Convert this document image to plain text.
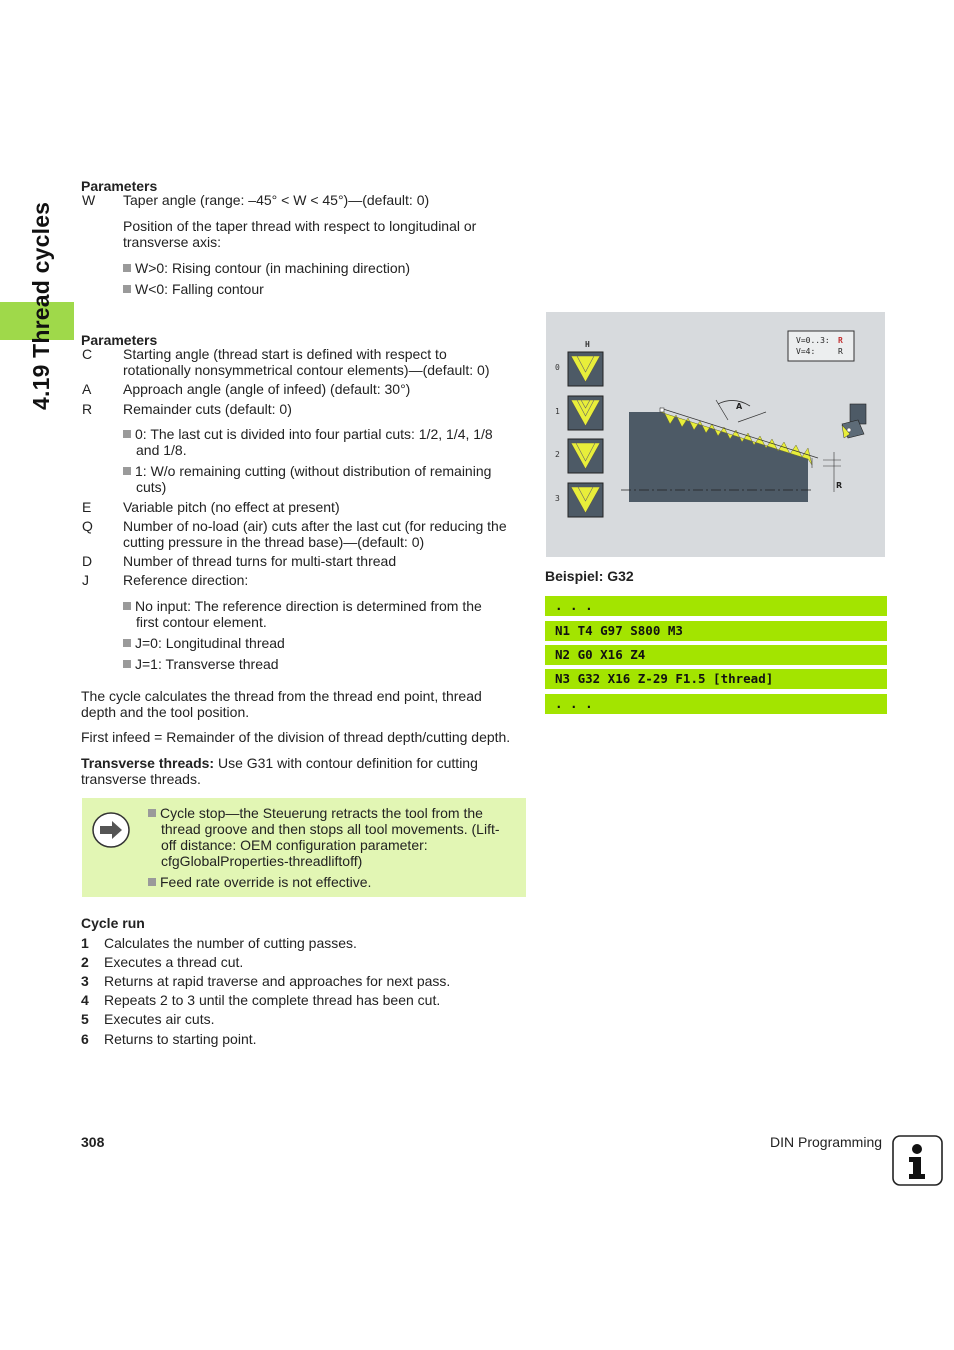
4.19 Thread cycles
Parameters
W Taper angle (range: –45° < W < 45°)—(default: 0)
Position of the taper thread with respect to longitudinal or
transverse axis:
W>0: Rising contour (in machining direction)
W<0: Falling contour
Parameters
C Starting angle (thread start is defined with respect to
rotationally nonsymmetrical contour elements)—(default: 0)
A Approach angle (angle of infeed) (default: 30°)
R Remainder cuts (default: 0)
0: The last cut is divided into four partial cuts: 1/2, 1/4, 1/8
and 1/8.
1: W/o remaining cutting (without distribution of remaining
cuts)
E Variable pitch (no effect at present)
Q Number of no-load (air) cuts after the last cut (for reducing the
cutting pressure in the thread base)—(default: 0)
D Number of thread turns for multi-start thread
J Reference direction:
No input: The reference direction is determined from the
first contour element.
J=0: Longitudinal thread
J=1: Transverse thread
The cycle calculates the thread from the thread end point, thread
depth and the tool position.
First infeed = Remainder of the division of thread depth/cutting depth.
Transverse threads: Use G31 with contour definition for cutting
transverse threads.
Cycle stop—the Steuerung retracts the tool from the
thread groove and then stops all tool movements. (Lift-
off distance: OEM configuration parameter:
cfgGlobalProperties-threadliftoff)
Feed rate override is not effective.
Cycle run
1 Calculates the number of cutting passes.
2 Executes a thread cut.
3 Returns at rapid traverse and approaches for next pass.
4 Repeats 2 to 3 until the complete thread has been cut.
5 Executes air cuts.
6 Returns to starting point.
H
0
1
2
3
V=0..3: R
V=4:	R
A
R
Beispiel: G32
. . .
N1 T4 G97 S800 M3
N2 G0 X16 Z4
N3 G32 X16 Z-29 F1.5 [thread]
. . .
308	DIN Programming
